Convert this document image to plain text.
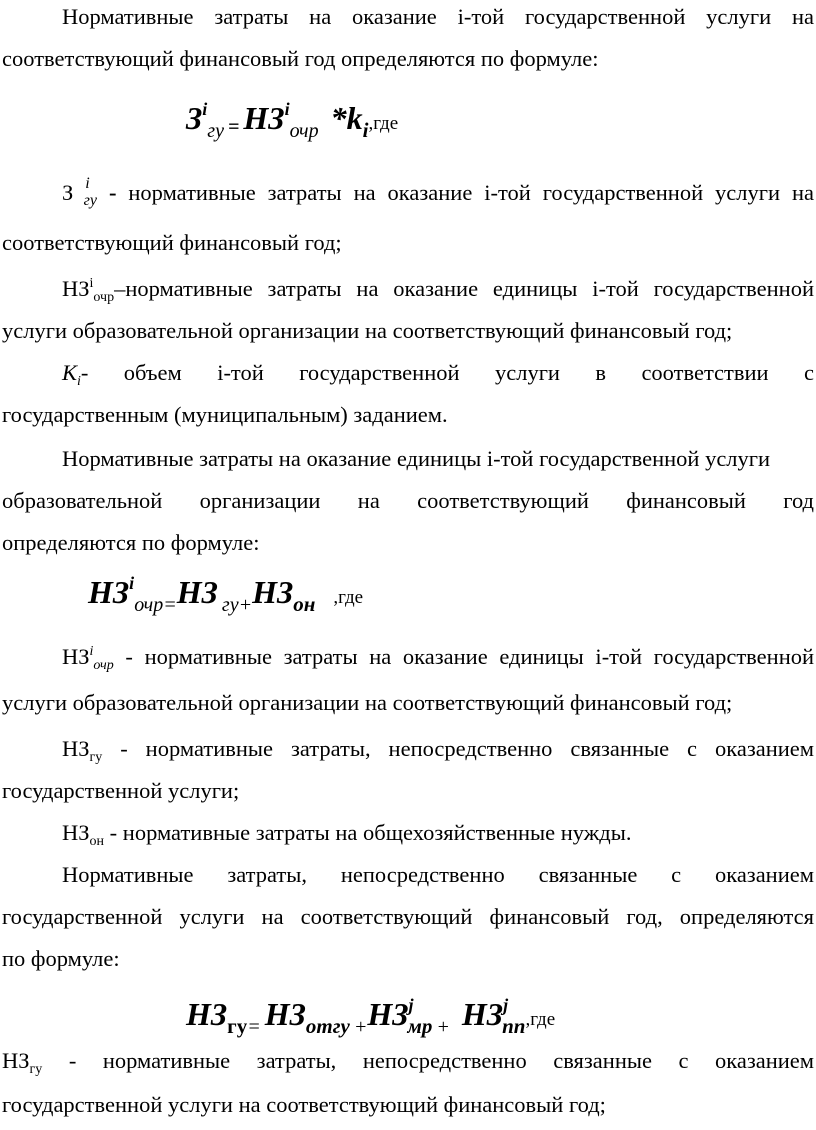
Нормативные затраты на оказание i-той государственной услуги на
соответствующий финансовый год определяются по формуле:
Зiгу = НЗiочр *ki,где
З $^i_{гу}$ - нормативные затраты на оказание i-той государственной услуги на
соответствующий финансовый год;
$НЗ^i_{очр}$–нормативные затраты на оказание единицы i-той государственной
услуги образовательной организации на соответствующий финансовый год;
$К_i-$ объем i-той государственной услуги в соответствии с
государственным (муниципальным) заданием.
Нормативные затраты на оказание единицы i-той государственной услуги
образовательной организации на соответствующий финансовый год
определяются по формуле:
НЗiочр=НЗ гу+НЗон ,где
$НЗ^i_{очр}$ - нормативные затраты на оказание единицы i-той государственной
услуги образовательной организации на соответствующий финансовый год;
$НЗ_{гу}$ - нормативные затраты, непосредственно связанные с оказанием
государственной услуги;
$НЗ_{он}$ - нормативные затраты на общехозяйственные нужды.
Нормативные затраты, непосредственно связанные с оказанием
государственной услуги на соответствующий финансовый год, определяются
по формуле:
НЗгу= НЗотгу +НЗjмр + НЗjпп,где
$НЗ_{гу}$ - нормативные затраты, непосредственно связанные с оказанием
государственной услуги на соответствующий финансовый год;
